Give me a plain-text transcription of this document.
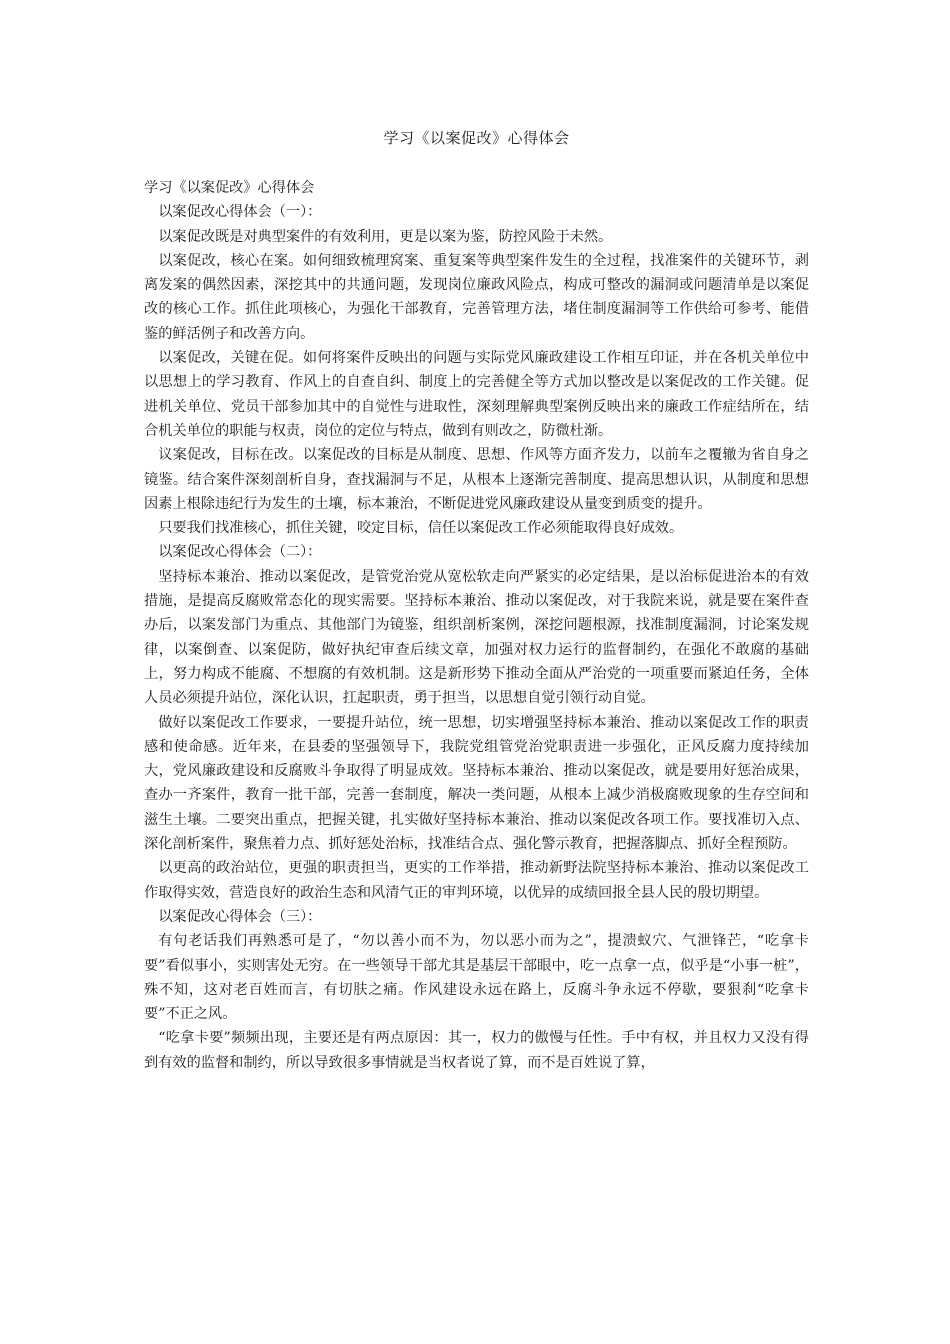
学习《以案促改》心得体会

学习《以案促改》心得体会

以案促改心得体会（一）：

以案促改既是对典型案件的有效利用，更是以案为鉴，防控风险于未然。

以案促改，核心在案。如何细致梳理窝案、重复案等典型案件发生的全过程，找准案件的关键环节，剥离发案的偶然因素，深挖其中的共通问题，发现岗位廉政风险点，构成可整改的漏洞或问题清单是以案促改的核心工作。抓住此项核心，为强化干部教育，完善管理方法，堵住制度漏洞等工作供给可参考、能借鉴的鲜活例子和改善方向。

以案促改，关键在促。如何将案件反映出的问题与实际党风廉政建设工作相互印证，并在各机关单位中以思想上的学习教育、作风上的自查自纠、制度上的完善健全等方式加以整改是以案促改的工作关键。促进机关单位、党员干部参加其中的自觉性与进取性，深刻理解典型案例反映出来的廉政工作症结所在，结合机关单位的职能与权责，岗位的定位与特点，做到有则改之，防微杜渐。

议案促改，目标在改。以案促改的目标是从制度、思想、作风等方面齐发力，以前车之覆辙为省自身之镜鉴。结合案件深刻剖析自身，查找漏洞与不足，从根本上逐渐完善制度、提高思想认识，从制度和思想因素上根除违纪行为发生的土壤，标本兼治，不断促进党风廉政建设从量变到质变的提升。

只要我们找准核心，抓住关键，咬定目标，信任以案促改工作必须能取得良好成效。

以案促改心得体会（二）：

坚持标本兼治、推动以案促改，是管党治党从宽松软走向严紧实的必定结果，是以治标促进治本的有效措施，是提高反腐败常态化的现实需要。坚持标本兼治、推动以案促改，对于我院来说，就是要在案件查办后，以案发部门为重点、其他部门为镜鉴，组织剖析案例，深挖问题根源，找准制度漏洞，讨论案发规律，以案倒查、以案促防，做好执纪审查后续文章，加强对权力运行的监督制约，在强化不敢腐的基础上，努力构成不能腐、不想腐的有效机制。这是新形势下推动全面从严治党的一项重要而紧迫任务，全体人员必须提升站位，深化认识，扛起职责，勇于担当，以思想自觉引领行动自觉。

做好以案促改工作要求，一要提升站位，统一思想，切实增强坚持标本兼治、推动以案促改工作的职责感和使命感。近年来，在县委的坚强领导下，我院党组管党治党职责进一步强化，正风反腐力度持续加大，党风廉政建设和反腐败斗争取得了明显成效。坚持标本兼治、推动以案促改，就是要用好惩治成果，查办一齐案件，教育一批干部，完善一套制度，解决一类问题，从根本上减少消极腐败现象的生存空间和滋生土壤。二要突出重点，把握关键，扎实做好坚持标本兼治、推动以案促改各项工作。要找准切入点、深化剖析案件，聚焦着力点、抓好惩处治标，找准结合点、强化警示教育，把握落脚点、抓好全程预防。

以更高的政治站位，更强的职责担当，更实的工作举措，推动新野法院坚持标本兼治、推动以案促改工作取得实效，营造良好的政治生态和风清气正的审判环境，以优异的成绩回报全县人民的殷切期望。

以案促改心得体会（三）：

有句老话我们再熟悉可是了，“勿以善小而不为，勿以恶小而为之”，提溃蚁穴、气泄锋芒，“吃拿卡要”看似事小，实则害处无穷。在一些领导干部尤其是基层干部眼中，吃一点拿一点，似乎是“小事一桩”，殊不知，这对老百姓而言，有切肤之痛。作风建设永远在路上，反腐斗争永远不停歇，要狠刹“吃拿卡要”不正之风。

“吃拿卡要”频频出现，主要还是有两点原因：其一，权力的傲慢与任性。手中有权，并且权力又没有得到有效的监督和制约，所以导致很多事情就是当权者说了算，而不是百姓说了算，
